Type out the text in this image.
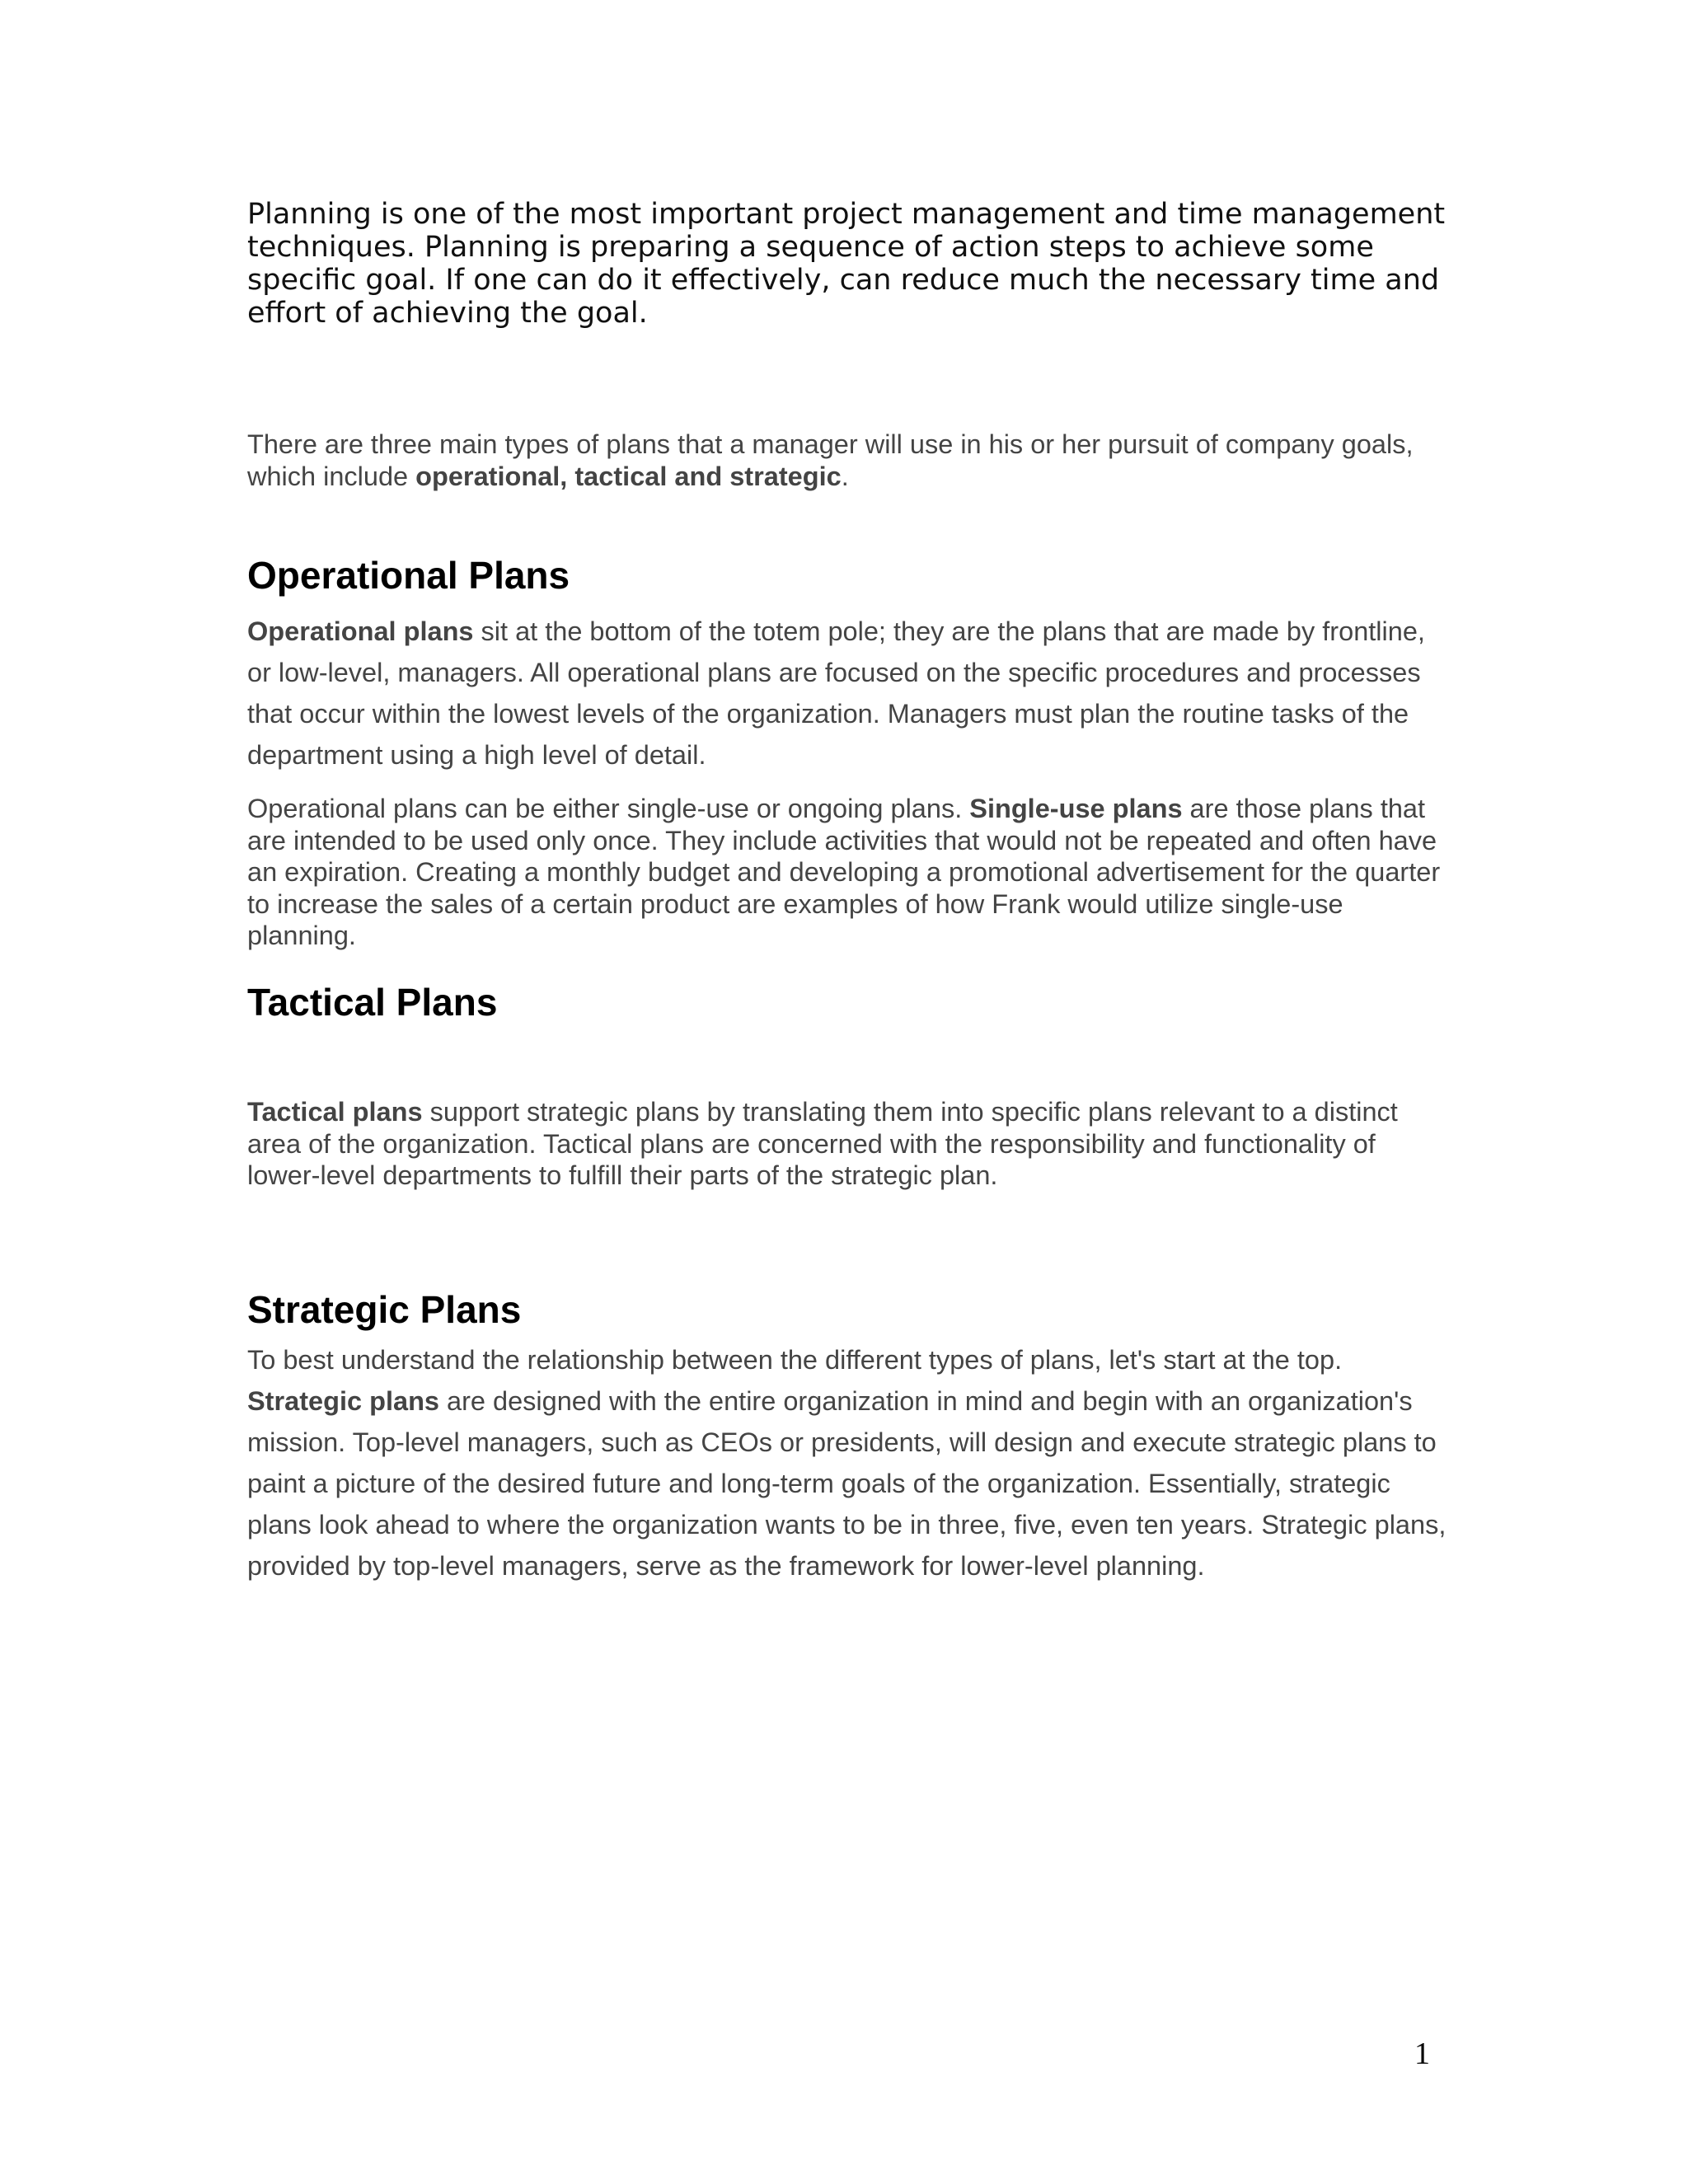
Planning is one of the most important project management and time management techniques. Planning is preparing a sequence of action steps to achieve some specific goal. If one can do it effectively, can reduce much the necessary time and effort of achieving the goal.

There are three main types of plans that a manager will use in his or her pursuit of company goals, which include operational, tactical and strategic.

Operational Plans

Operational plans sit at the bottom of the totem pole; they are the plans that are made by frontline, or low-level, managers. All operational plans are focused on the specific procedures and processes that occur within the lowest levels of the organization. Managers must plan the routine tasks of the department using a high level of detail.

Operational plans can be either single-use or ongoing plans. Single-use plans are those plans that are intended to be used only once. They include activities that would not be repeated and often have an expiration. Creating a monthly budget and developing a promotional advertisement for the quarter to increase the sales of a certain product are examples of how Frank would utilize single-use planning.

Tactical Plans

Tactical plans support strategic plans by translating them into specific plans relevant to a distinct area of the organization. Tactical plans are concerned with the responsibility and functionality of lower-level departments to fulfill their parts of the strategic plan.

Strategic Plans

To best understand the relationship between the different types of plans, let's start at the top. Strategic plans are designed with the entire organization in mind and begin with an organization's mission. Top-level managers, such as CEOs or presidents, will design and execute strategic plans to paint a picture of the desired future and long-term goals of the organization. Essentially, strategic plans look ahead to where the organization wants to be in three, five, even ten years. Strategic plans, provided by top-level managers, serve as the framework for lower-level planning.

1
